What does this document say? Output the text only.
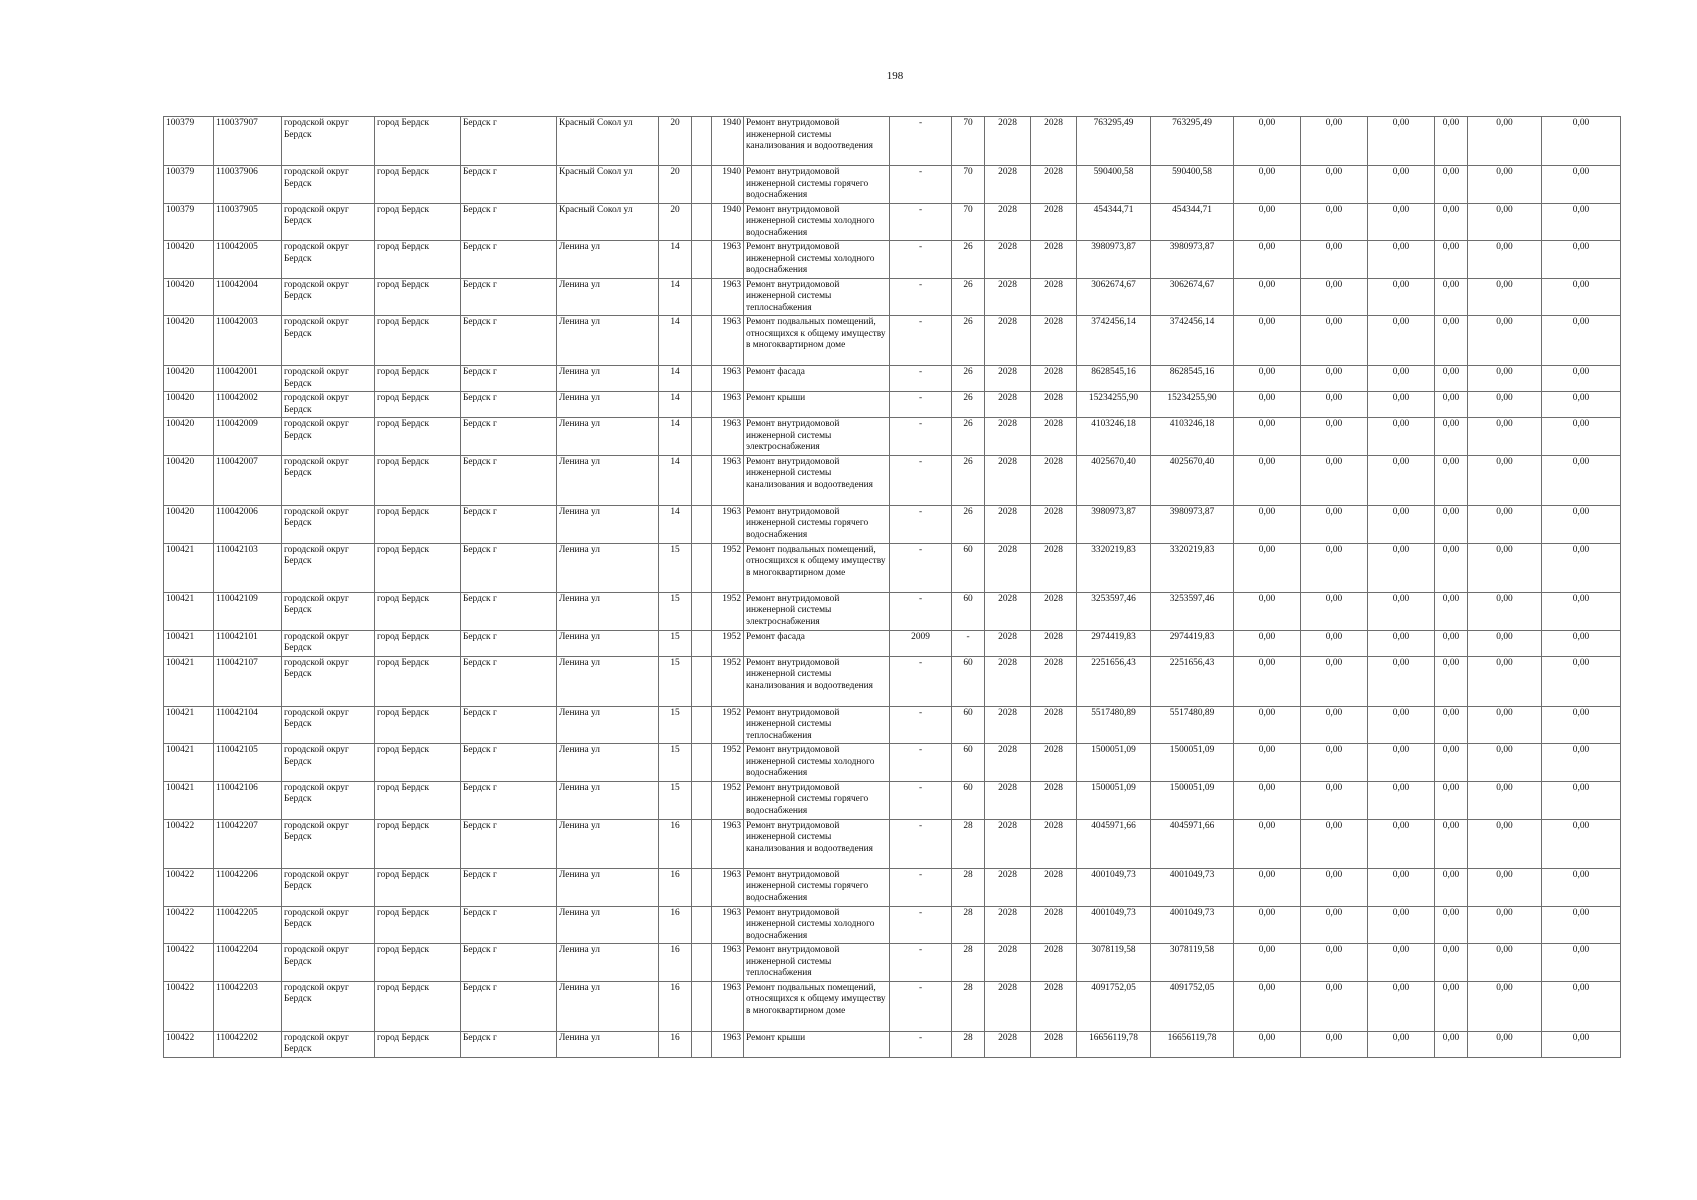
198
100379	110037907	городской округ Бердск	город Бердск	Бердск г	Красный Сокол ул	20		1940	Ремонт внутридомовой инженерной системы канализования и водоотведения	-	70	2028	2028	763295,49	763295,49	0,00	0,00	0,00	0,00	0,00	0,00
100379	110037906	городской округ Бердск	город Бердск	Бердск г	Красный Сокол ул	20		1940	Ремонт внутридомовой инженерной системы горячего водоснабжения	-	70	2028	2028	590400,58	590400,58	0,00	0,00	0,00	0,00	0,00	0,00
100379	110037905	городской округ Бердск	город Бердск	Бердск г	Красный Сокол ул	20		1940	Ремонт внутридомовой инженерной системы холодного водоснабжения	-	70	2028	2028	454344,71	454344,71	0,00	0,00	0,00	0,00	0,00	0,00
100420	110042005	городской округ Бердск	город Бердск	Бердск г	Ленина ул	14		1963	Ремонт внутридомовой инженерной системы холодного водоснабжения	-	26	2028	2028	3980973,87	3980973,87	0,00	0,00	0,00	0,00	0,00	0,00
100420	110042004	городской округ Бердск	город Бердск	Бердск г	Ленина ул	14		1963	Ремонт внутридомовой инженерной системы теплоснабжения	-	26	2028	2028	3062674,67	3062674,67	0,00	0,00	0,00	0,00	0,00	0,00
100420	110042003	городской округ Бердск	город Бердск	Бердск г	Ленина ул	14		1963	Ремонт подвальных помещений, относящихся к общему имуществу в многоквартирном доме	-	26	2028	2028	3742456,14	3742456,14	0,00	0,00	0,00	0,00	0,00	0,00
100420	110042001	городской округ Бердск	город Бердск	Бердск г	Ленина ул	14		1963	Ремонт фасада	-	26	2028	2028	8628545,16	8628545,16	0,00	0,00	0,00	0,00	0,00	0,00
100420	110042002	городской округ Бердск	город Бердск	Бердск г	Ленина ул	14		1963	Ремонт крыши	-	26	2028	2028	15234255,90	15234255,90	0,00	0,00	0,00	0,00	0,00	0,00
100420	110042009	городской округ Бердск	город Бердск	Бердск г	Ленина ул	14		1963	Ремонт внутридомовой инженерной системы электроснабжения	-	26	2028	2028	4103246,18	4103246,18	0,00	0,00	0,00	0,00	0,00	0,00
100420	110042007	городской округ Бердск	город Бердск	Бердск г	Ленина ул	14		1963	Ремонт внутридомовой инженерной системы канализования и водоотведения	-	26	2028	2028	4025670,40	4025670,40	0,00	0,00	0,00	0,00	0,00	0,00
100420	110042006	городской округ Бердск	город Бердск	Бердск г	Ленина ул	14		1963	Ремонт внутридомовой инженерной системы горячего водоснабжения	-	26	2028	2028	3980973,87	3980973,87	0,00	0,00	0,00	0,00	0,00	0,00
100421	110042103	городской округ Бердск	город Бердск	Бердск г	Ленина ул	15		1952	Ремонт подвальных помещений, относящихся к общему имуществу в многоквартирном доме	-	60	2028	2028	3320219,83	3320219,83	0,00	0,00	0,00	0,00	0,00	0,00
100421	110042109	городской округ Бердск	город Бердск	Бердск г	Ленина ул	15		1952	Ремонт внутридомовой инженерной системы электроснабжения	-	60	2028	2028	3253597,46	3253597,46	0,00	0,00	0,00	0,00	0,00	0,00
100421	110042101	городской округ Бердск	город Бердск	Бердск г	Ленина ул	15		1952	Ремонт фасада	2009	-	2028	2028	2974419,83	2974419,83	0,00	0,00	0,00	0,00	0,00	0,00
100421	110042107	городской округ Бердск	город Бердск	Бердск г	Ленина ул	15		1952	Ремонт внутридомовой инженерной системы канализования и водоотведения	-	60	2028	2028	2251656,43	2251656,43	0,00	0,00	0,00	0,00	0,00	0,00
100421	110042104	городской округ Бердск	город Бердск	Бердск г	Ленина ул	15		1952	Ремонт внутридомовой инженерной системы теплоснабжения	-	60	2028	2028	5517480,89	5517480,89	0,00	0,00	0,00	0,00	0,00	0,00
100421	110042105	городской округ Бердск	город Бердск	Бердск г	Ленина ул	15		1952	Ремонт внутридомовой инженерной системы холодного водоснабжения	-	60	2028	2028	1500051,09	1500051,09	0,00	0,00	0,00	0,00	0,00	0,00
100421	110042106	городской округ Бердск	город Бердск	Бердск г	Ленина ул	15		1952	Ремонт внутридомовой инженерной системы горячего водоснабжения	-	60	2028	2028	1500051,09	1500051,09	0,00	0,00	0,00	0,00	0,00	0,00
100422	110042207	городской округ Бердск	город Бердск	Бердск г	Ленина ул	16		1963	Ремонт внутридомовой инженерной системы канализования и водоотведения	-	28	2028	2028	4045971,66	4045971,66	0,00	0,00	0,00	0,00	0,00	0,00
100422	110042206	городской округ Бердск	город Бердск	Бердск г	Ленина ул	16		1963	Ремонт внутридомовой инженерной системы горячего водоснабжения	-	28	2028	2028	4001049,73	4001049,73	0,00	0,00	0,00	0,00	0,00	0,00
100422	110042205	городской округ Бердск	город Бердск	Бердск г	Ленина ул	16		1963	Ремонт внутридомовой инженерной системы холодного водоснабжения	-	28	2028	2028	4001049,73	4001049,73	0,00	0,00	0,00	0,00	0,00	0,00
100422	110042204	городской округ Бердск	город Бердск	Бердск г	Ленина ул	16		1963	Ремонт внутридомовой инженерной системы теплоснабжения	-	28	2028	2028	3078119,58	3078119,58	0,00	0,00	0,00	0,00	0,00	0,00
100422	110042203	городской округ Бердск	город Бердск	Бердск г	Ленина ул	16		1963	Ремонт подвальных помещений, относящихся к общему имуществу в многоквартирном доме	-	28	2028	2028	4091752,05	4091752,05	0,00	0,00	0,00	0,00	0,00	0,00
100422	110042202	городской округ Бердск	город Бердск	Бердск г	Ленина ул	16		1963	Ремонт крыши	-	28	2028	2028	16656119,78	16656119,78	0,00	0,00	0,00	0,00	0,00	0,00
